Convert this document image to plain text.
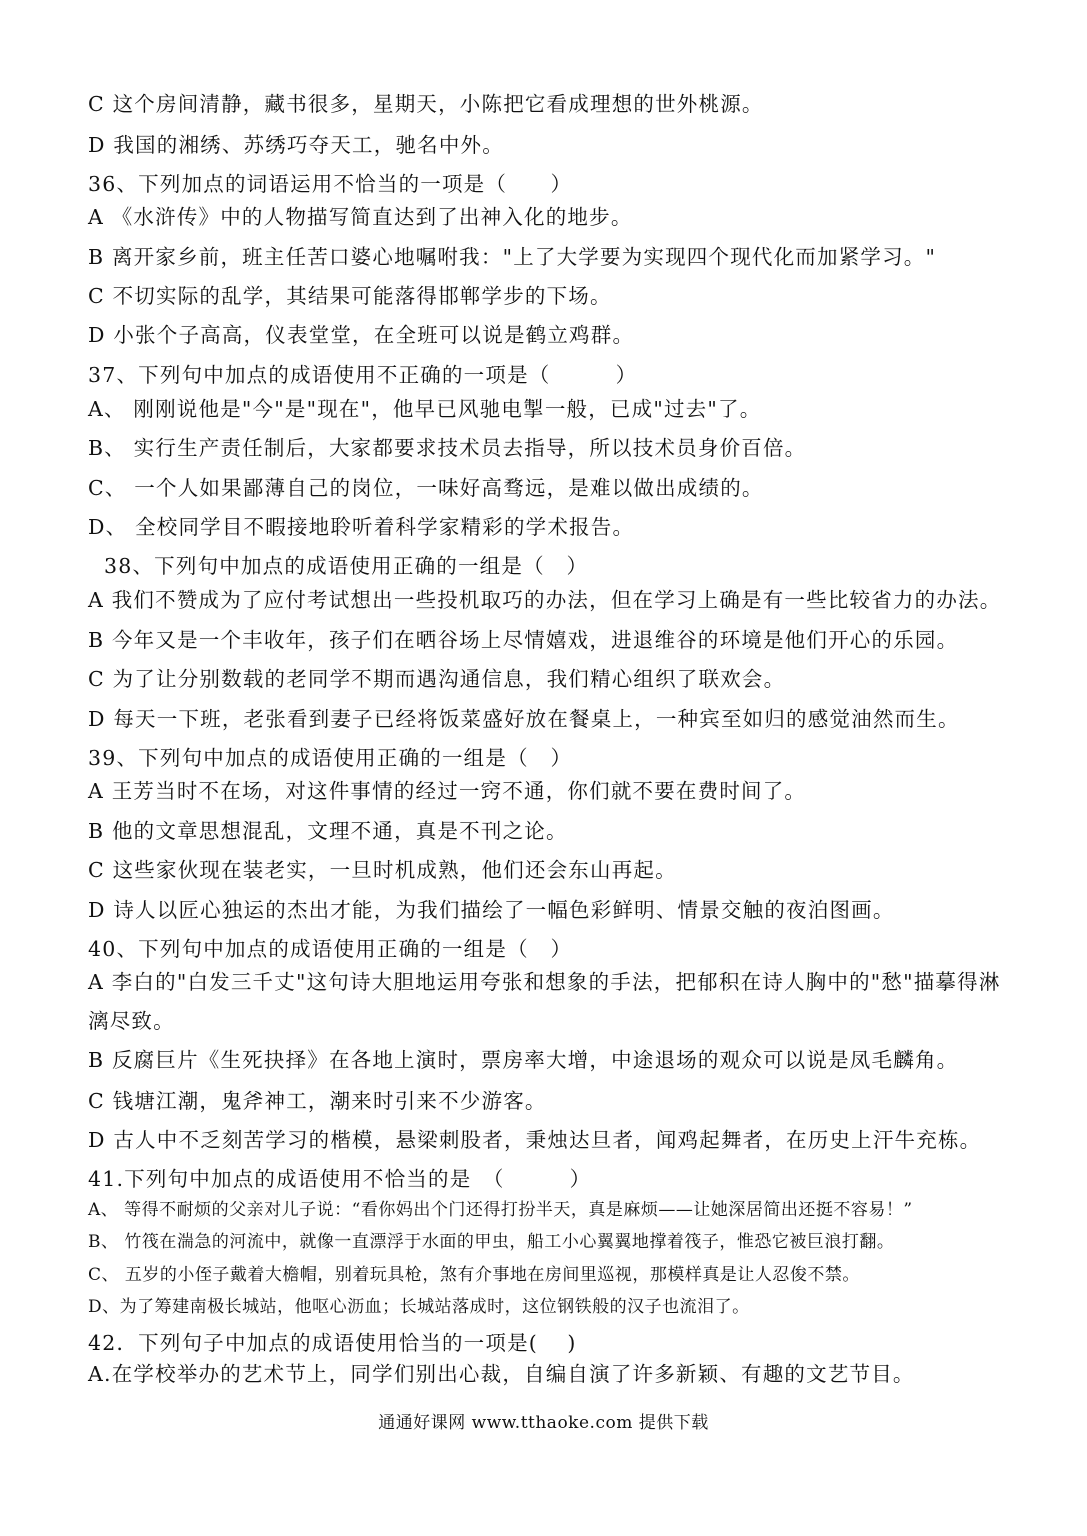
C 这个房间清静，藏书很多，星期天，小陈把它看成理想的世外桃源。
D 我国的湘绣、苏绣巧夺天工，驰名中外。
36、下列加点的词语运用不恰当的一项是（　　）
A 《水浒传》中的人物描写简直达到了出神入化的地步。
B 离开家乡前，班主任苦口婆心地嘱咐我："上了大学要为实现四个现代化而加紧学习。"
C 不切实际的乱学，其结果可能落得邯郸学步的下场。
D 小张个子高高，仪表堂堂，在全班可以说是鹤立鸡群。
37、下列句中加点的成语使用不正确的一项是（　　　）
A、 刚刚说他是"今"是"现在"，他早已风驰电掣一般，已成"过去"了。
B、 实行生产责任制后，大家都要求技术员去指导，所以技术员身价百倍。
C、 一个人如果鄙薄自己的岗位，一味好高骛远，是难以做出成绩的。
D、 全校同学目不暇接地聆听着科学家精彩的学术报告。
38、下列句中加点的成语使用正确的一组是（　）
A 我们不赞成为了应付考试想出一些投机取巧的办法，但在学习上确是有一些比较省力的办法。
B 今年又是一个丰收年，孩子们在晒谷场上尽情嬉戏，进退维谷的环境是他们开心的乐园。
C 为了让分别数载的老同学不期而遇沟通信息，我们精心组织了联欢会。
D 每天一下班，老张看到妻子已经将饭菜盛好放在餐桌上，一种宾至如归的感觉油然而生。
39、下列句中加点的成语使用正确的一组是（　）
A 王芳当时不在场，对这件事情的经过一窍不通，你们就不要在费时间了。
B 他的文章思想混乱，文理不通，真是不刊之论。
C 这些家伙现在装老实，一旦时机成熟，他们还会东山再起。
D 诗人以匠心独运的杰出才能，为我们描绘了一幅色彩鲜明、情景交触的夜泊图画。
40、下列句中加点的成语使用正确的一组是（　）
A 李白的"白发三千丈"这句诗大胆地运用夸张和想象的手法，把郁积在诗人胸中的"愁"描摹得淋
漓尽致。
B 反腐巨片《生死抉择》在各地上演时，票房率大增，中途退场的观众可以说是凤毛麟角。
C 钱塘江潮，鬼斧神工，潮来时引来不少游客。
D 古人中不乏刻苦学习的楷模，悬梁刺股者，秉烛达旦者，闻鸡起舞者，在历史上汗牛充栋。
41.下列句中加点的成语使用不恰当的是　（　　　）
A、 等得不耐烦的父亲对儿子说：“看你妈出个门还得打扮半天，真是麻烦——让她深居简出还挺不容易！”
B、 竹筏在湍急的河流中，就像一直漂浮于水面的甲虫，船工小心翼翼地撑着筏子，惟恐它被巨浪打翻。
C、 五岁的小侄子戴着大檐帽，别着玩具枪，煞有介事地在房间里巡视，那模样真是让人忍俊不禁。
D、为了筹建南极长城站，他呕心沥血；长城站落成时，这位钢铁般的汉子也流泪了。
42．下列句子中加点的成语使用恰当的一项是(　 )
A.在学校举办的艺术节上，同学们别出心裁，自编自演了许多新颖、有趣的文艺节目。
通通好课网 www.tthaoke.com 提供下载
